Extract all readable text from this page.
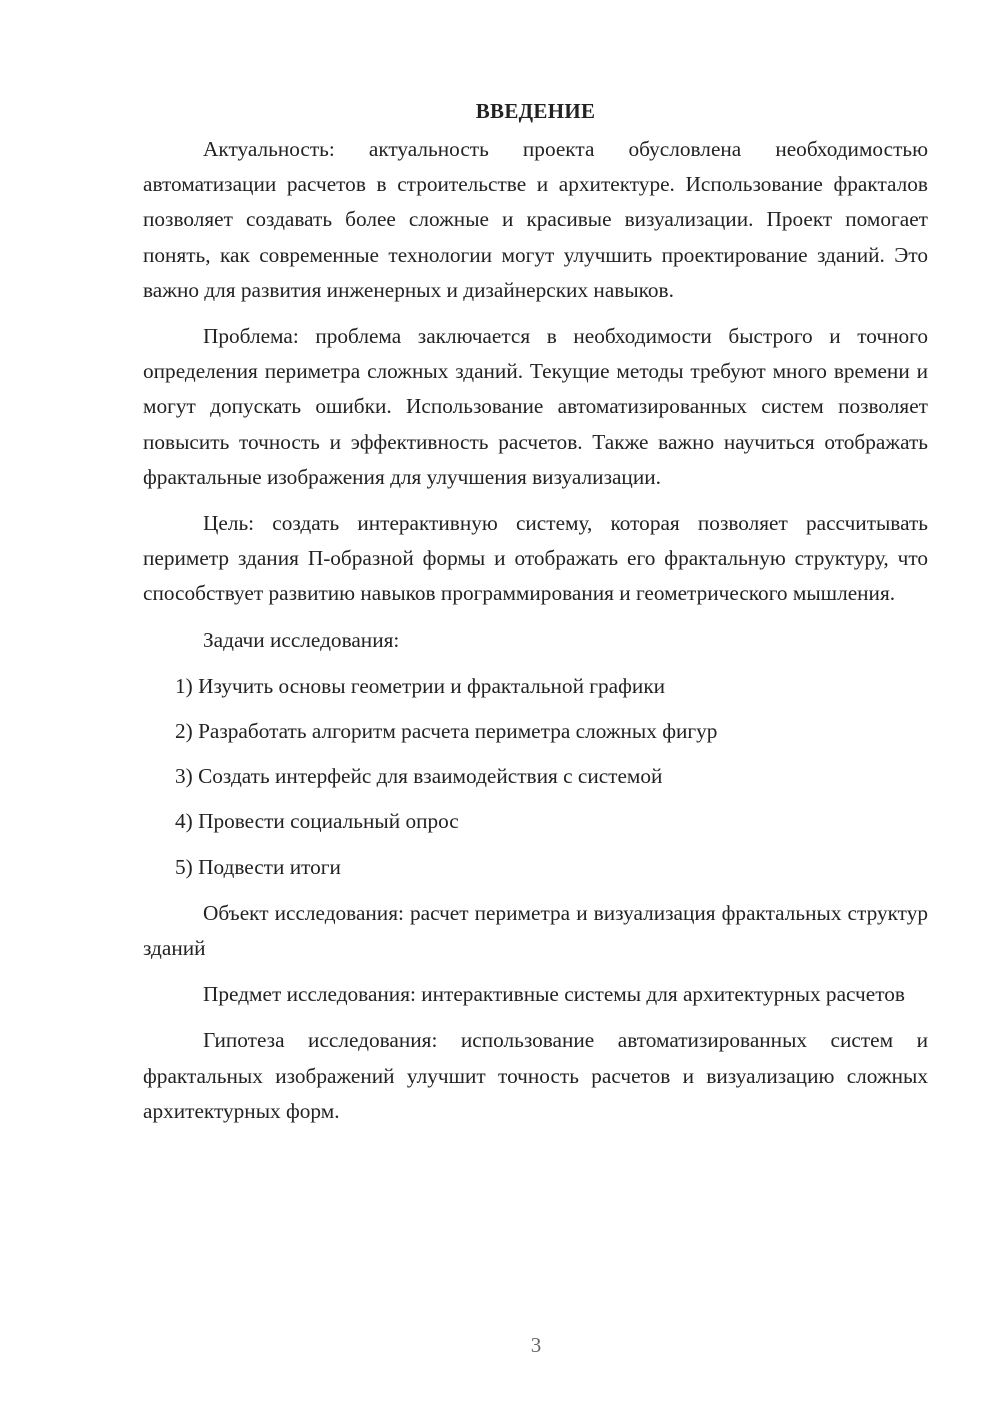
ВВЕДЕНИЕ

Актуальность: актуальность проекта обусловлена необходимостью автоматизации расчетов в строительстве и архитектуре. Использование фракталов позволяет создавать более сложные и красивые визуализации. Проект помогает понять, как современные технологии могут улучшить проектирование зданий. Это важно для развития инженерных и дизайнерских навыков.

Проблема: проблема заключается в необходимости быстрого и точного определения периметра сложных зданий. Текущие методы требуют много времени и могут допускать ошибки. Использование автоматизированных систем позволяет повысить точность и эффективность расчетов. Также важно научиться отображать фрактальные изображения для улучшения визуализации.

Цель: создать интерактивную систему, которая позволяет рассчитывать периметр здания П-образной формы и отображать его фрактальную структуру, что способствует развитию навыков программирования и геометрического мышления.

Задачи исследования:

1) Изучить основы геометрии и фрактальной графики
2) Разработать алгоритм расчета периметра сложных фигур
3) Создать интерфейс для взаимодействия с системой
4) Провести социальный опрос
5) Подвести итоги

Объект исследования: расчет периметра и визуализация фрактальных структур зданий

Предмет исследования: интерактивные системы для архитектурных расчетов

Гипотеза исследования: использование автоматизированных систем и фрактальных изображений улучшит точность расчетов и визуализацию сложных архитектурных форм.

3
